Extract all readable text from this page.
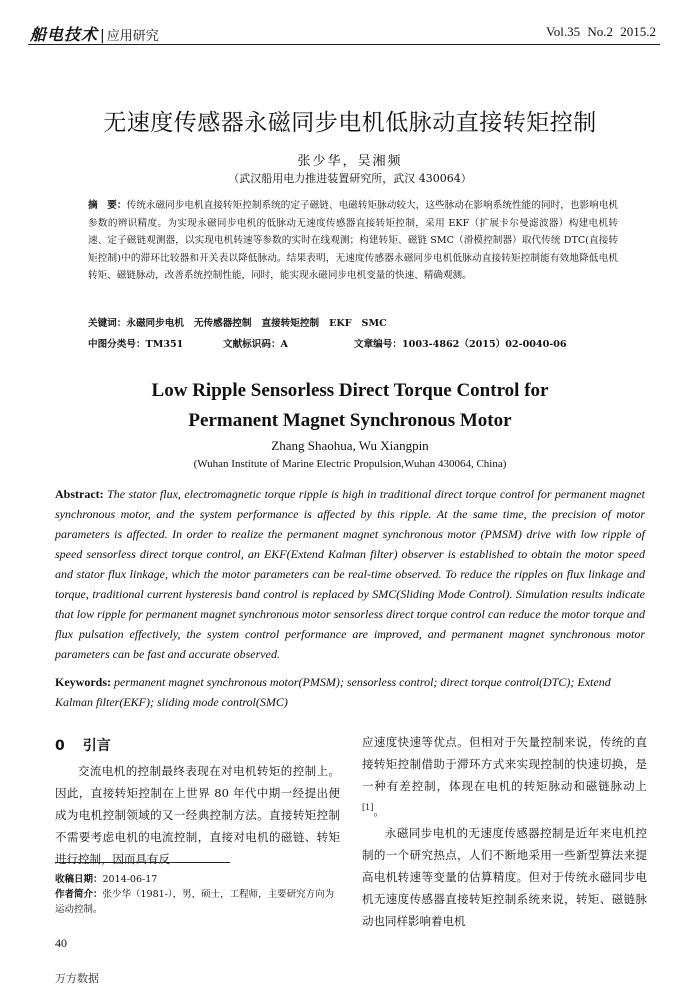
船电技术 | 应用研究	Vol.35 No.2 2015.2
无速度传感器永磁同步电机低脉动直接转矩控制
张少华，吴湘频
（武汉船用电力推进装置研究所，武汉 430064）
摘　要：传统永磁同步电机直接转矩控制系统的定子磁链、电磁转矩脉动较大，这些脉动在影响系统性能的同时，也影响电机参数的辨识精度。为实现永磁同步电机的低脉动无速度传感器直接转矩控制，采用 EKF（扩展卡尔曼滤波器）构建电机转速、定子磁链观测器，以实现电机转速等参数的实时在线观测；构建转矩、磁链 SMC（滑模控制器）取代传统 DTC(直接转矩控制)中的滞环比较器和开关表以降低脉动。结果表明，无速度传感器永磁同步电机低脉动直接转矩控制能有效地降低电机转矩、磁链脉动，改善系统控制性能，同时，能实现永磁同步电机变量的快速、精确观测。
关键词：永磁同步电机 无传感器控制 直接转矩控制 EKF SMC
中图分类号：TM351	文献标识码：A	文章编号：1003-4862（2015）02-0040-06
Low Ripple Sensorless Direct Torque Control for
Permanent Magnet Synchronous Motor
Zhang Shaohua, Wu Xiangpin
(Wuhan Institute of Marine Electric Propulsion,Wuhan 430064, China)
Abstract: The stator flux, electromagnetic torque ripple is high in traditional direct torque control for permanent magnet synchronous motor, and the system performance is affected by this ripple. At the same time, the precision of motor parameters is affected. In order to realize the permanent magnet synchronous motor (PMSM) drive with low ripple of speed sensorless direct torque control, an EKF(Extend Kalman filter) observer is established to obtain the motor speed and stator flux linkage, which the motor parameters can be real-time observed. To reduce the ripples on flux linkage and torque, traditional current hysteresis band control is replaced by SMC(Sliding Mode Control). Simulation results indicate that low ripple for permanent magnet synchronous motor sensorless direct torque control can reduce the motor torque and flux pulsation effectively, the system control performance are improved, and permanent magnet synchronous motor parameters can be fast and accurate observed.
Keywords: permanent magnet synchronous motor(PMSM); sensorless control; direct torque control(DTC); Extend Kalman filter(EKF); sliding mode control(SMC)
0 引言
交流电机的控制最终表现在对电机转矩的控制上。因此，直接转矩控制在上世界 80 年代中期一经提出便成为电机控制领域的又一经典控制方法。直接转矩控制不需要考虑电机的电流控制，直接对电机的磁链、转矩进行控制，因而具有反

应速度快速等优点。但相对于矢量控制来说，传统的直接转矩控制借助于滞环方式来实现控制的快速切换，是一种有差控制，体现在电机的转矩脉动和磁链脉动上[1]。

永磁同步电机的无速度传感器控制是近年来电机控制的一个研究热点，人们不断地采用一些新型算法来提高电机转速等变量的估算精度。但对于传统永磁同步电机无速度传感器直接转矩控制系统来说，转矩、磁链脉动也同样影响着电机

收稿日期：2014-06-17
作者简介：张少华（1981-），男，硕士，工程师，主要研究方向为运动控制。
40
万方数据
